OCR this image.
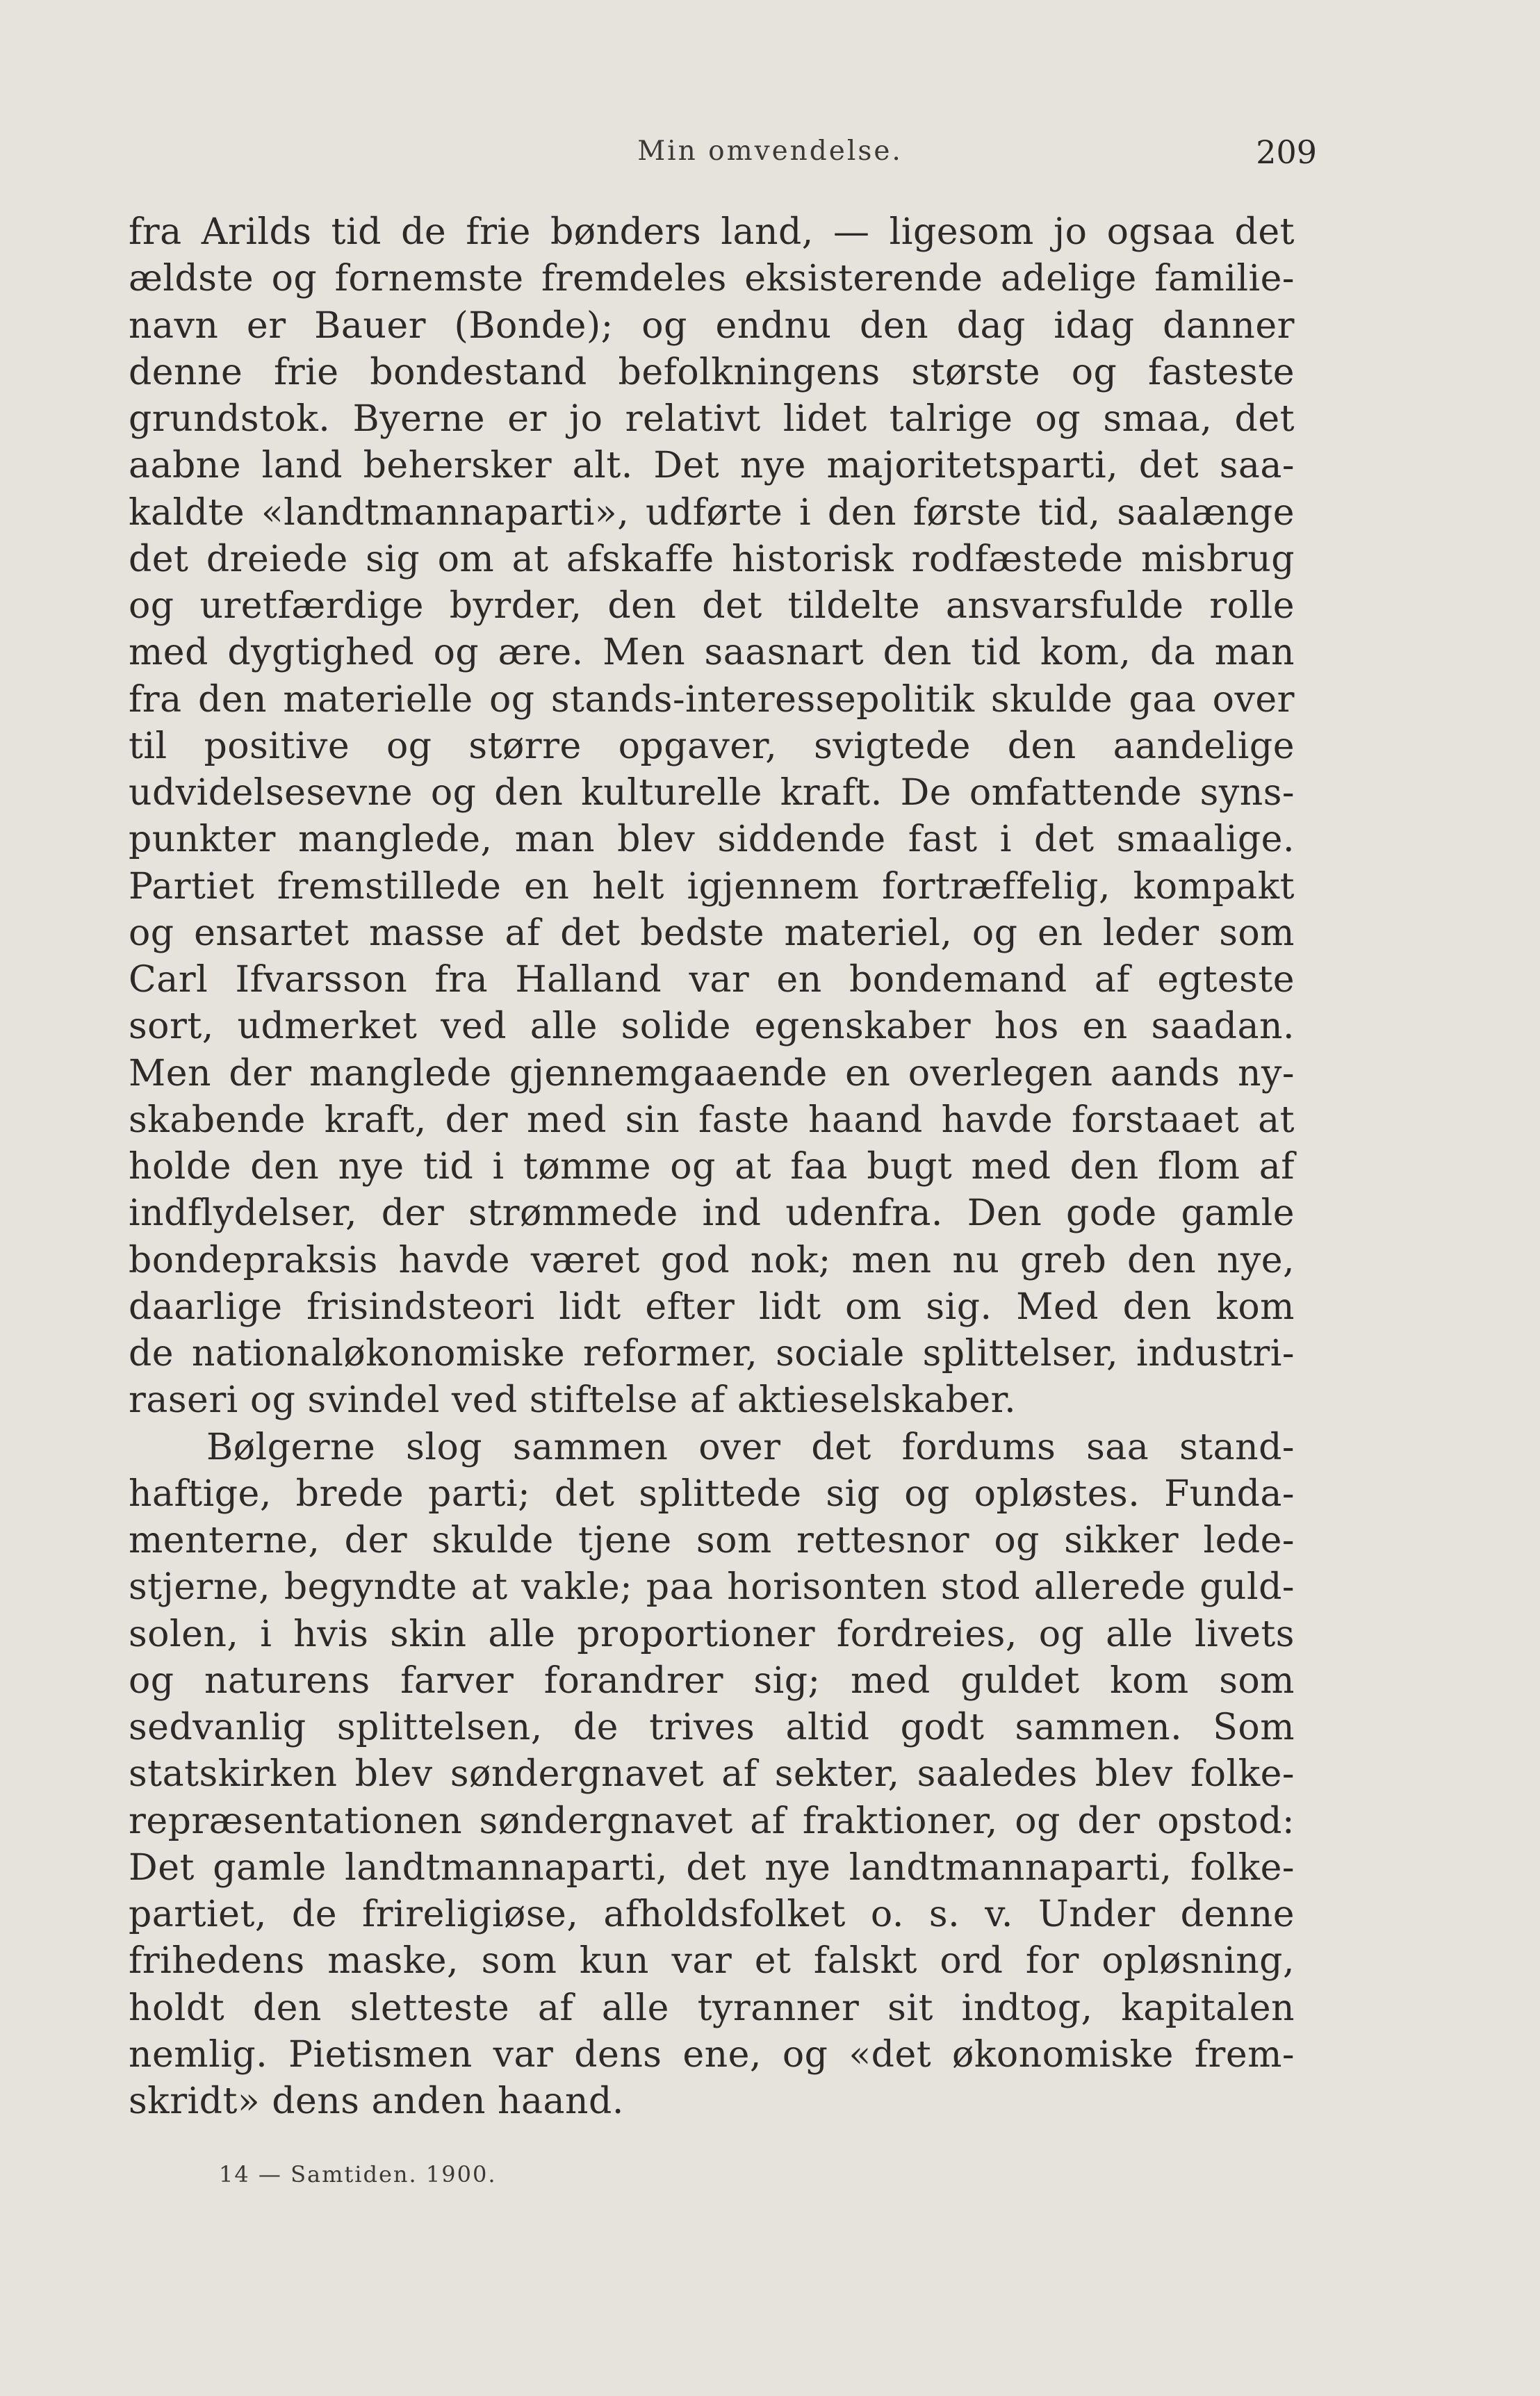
Min omvendelse.	209
fra Arilds tid de frie bønders land, — ligesom jo ogsaa det
ældste og fornemste fremdeles eksisterende adelige familie-
navn er Bauer (Bonde); og endnu den dag idag danner
denne frie bondestand befolkningens største og fasteste
grundstok. Byerne er jo relativt lidet talrige og smaa, det
aabne land behersker alt. Det nye majoritetsparti, det saa-
kaldte «landtmannaparti», udførte i den første tid, saalænge
det dreiede sig om at afskaffe historisk rodfæstede misbrug
og uretfærdige byrder, den det tildelte ansvarsfulde rolle
med dygtighed og ære. Men saasnart den tid kom, da man
fra den materielle og stands-interessepolitik skulde gaa over
til positive og større opgaver, svigtede den aandelige
udvidelsesevne og den kulturelle kraft. De omfattende syns-
punkter manglede, man blev siddende fast i det smaalige.
Partiet fremstillede en helt igjennem fortræffelig, kompakt
og ensartet masse af det bedste materiel, og en leder som
Carl Ifvarsson fra Halland var en bondemand af egteste
sort, udmerket ved alle solide egenskaber hos en saadan.
Men der manglede gjennemgaaende en overlegen aands ny-
skabende kraft, der med sin faste haand havde forstaaet at
holde den nye tid i tømme og at faa bugt med den flom af
indflydelser, der strømmede ind udenfra. Den gode gamle
bondepraksis havde været god nok; men nu greb den nye,
daarlige frisindsteori lidt efter lidt om sig. Med den kom
de nationaløkonomiske reformer, sociale splittelser, industri-
raseri og svindel ved stiftelse af aktieselskaber.
Bølgerne slog sammen over det fordums saa stand-
haftige, brede parti; det splittede sig og opløstes. Funda-
menterne, der skulde tjene som rettesnor og sikker lede-
stjerne, begyndte at vakle; paa horisonten stod allerede guld-
solen, i hvis skin alle proportioner fordreies, og alle livets
og naturens farver forandrer sig; med guldet kom som
sedvanlig splittelsen, de trives altid godt sammen. Som
statskirken blev søndergnavet af sekter, saaledes blev folke-
repræsentationen søndergnavet af fraktioner, og der opstod:
Det gamle landtmannaparti, det nye landtmannaparti, folke-
partiet, de frireligiøse, afholdsfolket o. s. v. Under denne
frihedens maske, som kun var et falskt ord for opløsning,
holdt den sletteste af alle tyranner sit indtog, kapitalen
nemlig. Pietismen var dens ene, og «det økonomiske frem-
skridt» dens anden haand.
14 — Samtiden. 1900.
